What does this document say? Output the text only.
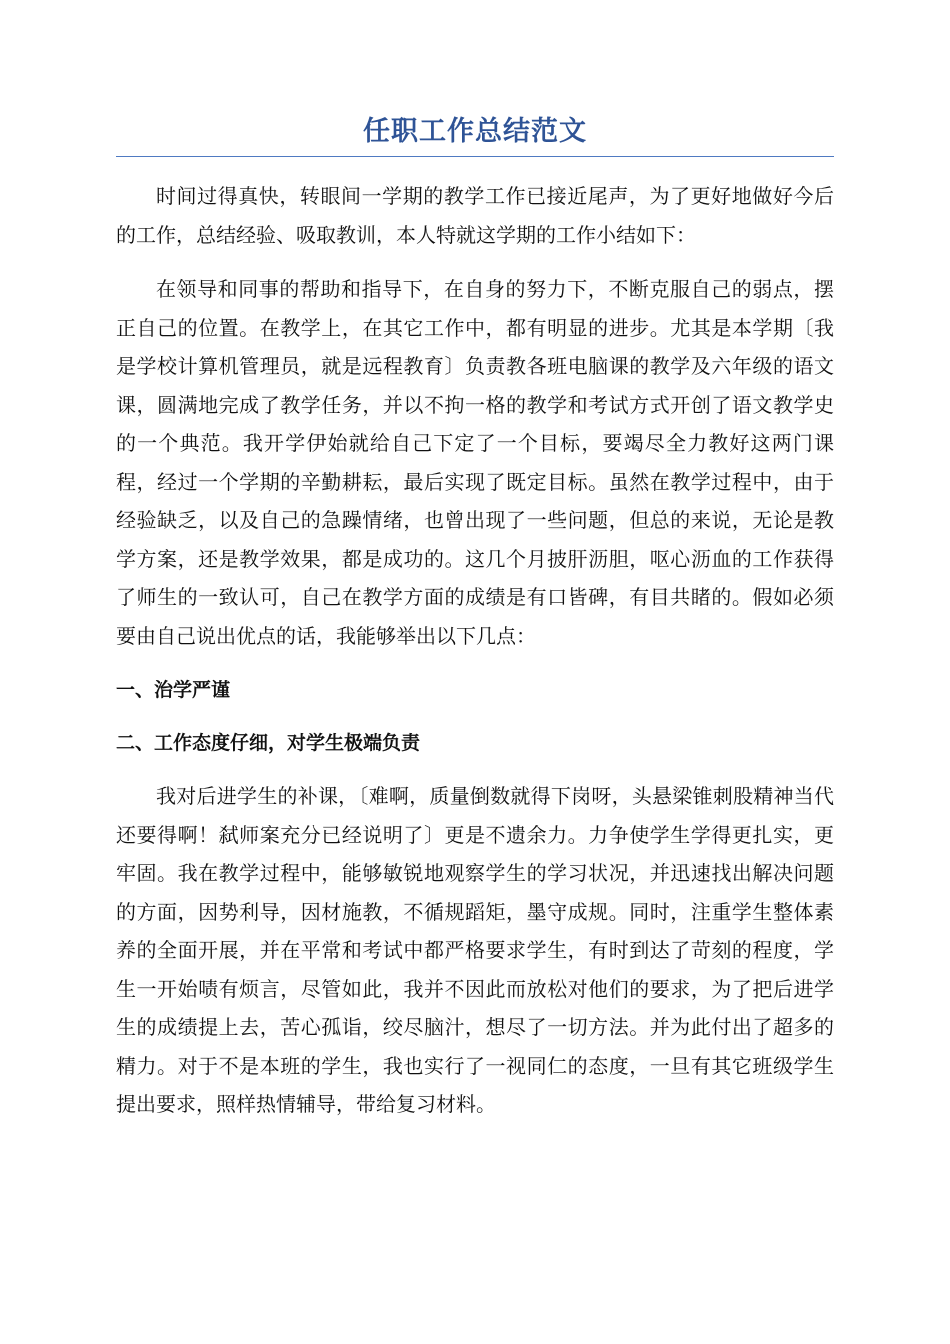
任职工作总结范文

时间过得真快，转眼间一学期的教学工作已接近尾声，为了更好地做好今后的工作，总结经验、吸取教训，本人特就这学期的工作小结如下：

在领导和同事的帮助和指导下，在自身的努力下，不断克服自己的弱点，摆正自己的位置。在教学上，在其它工作中，都有明显的进步。尤其是本学期〔我是学校计算机管理员，就是远程教育〕负责教各班电脑课的教学及六年级的语文课，圆满地完成了教学任务，并以不拘一格的教学和考试方式开创了语文教学史的一个典范。我开学伊始就给自己下定了一个目标，要竭尽全力教好这两门课程，经过一个学期的辛勤耕耘，最后实现了既定目标。虽然在教学过程中，由于经验缺乏，以及自己的急躁情绪，也曾出现了一些问题，但总的来说，无论是教学方案，还是教学效果，都是成功的。这几个月披肝沥胆，呕心沥血的工作获得了师生的一致认可，自己在教学方面的成绩是有口皆碑，有目共睹的。假如必须要由自己说出优点的话，我能够举出以下几点：

一、治学严谨
二、工作态度仔细，对学生极端负责

我对后进学生的补课，〔难啊，质量倒数就得下岗呀，头悬梁锥刺股精神当代还要得啊！弑师案充分已经说明了〕更是不遗余力。力争使学生学得更扎实，更牢固。我在教学过程中，能够敏锐地观察学生的学习状况，并迅速找出解决问题的方面，因势利导，因材施教，不循规蹈矩，墨守成规。同时，注重学生整体素养的全面开展，并在平常和考试中都严格要求学生，有时到达了苛刻的程度，学生一开始啧有烦言，尽管如此，我并不因此而放松对他们的要求，为了把后进学生的成绩提上去，苦心孤诣，绞尽脑汁，想尽了一切方法。并为此付出了超多的精力。对于不是本班的学生，我也实行了一视同仁的态度，一旦有其它班级学生提出要求，照样热情辅导，带给复习材料。
